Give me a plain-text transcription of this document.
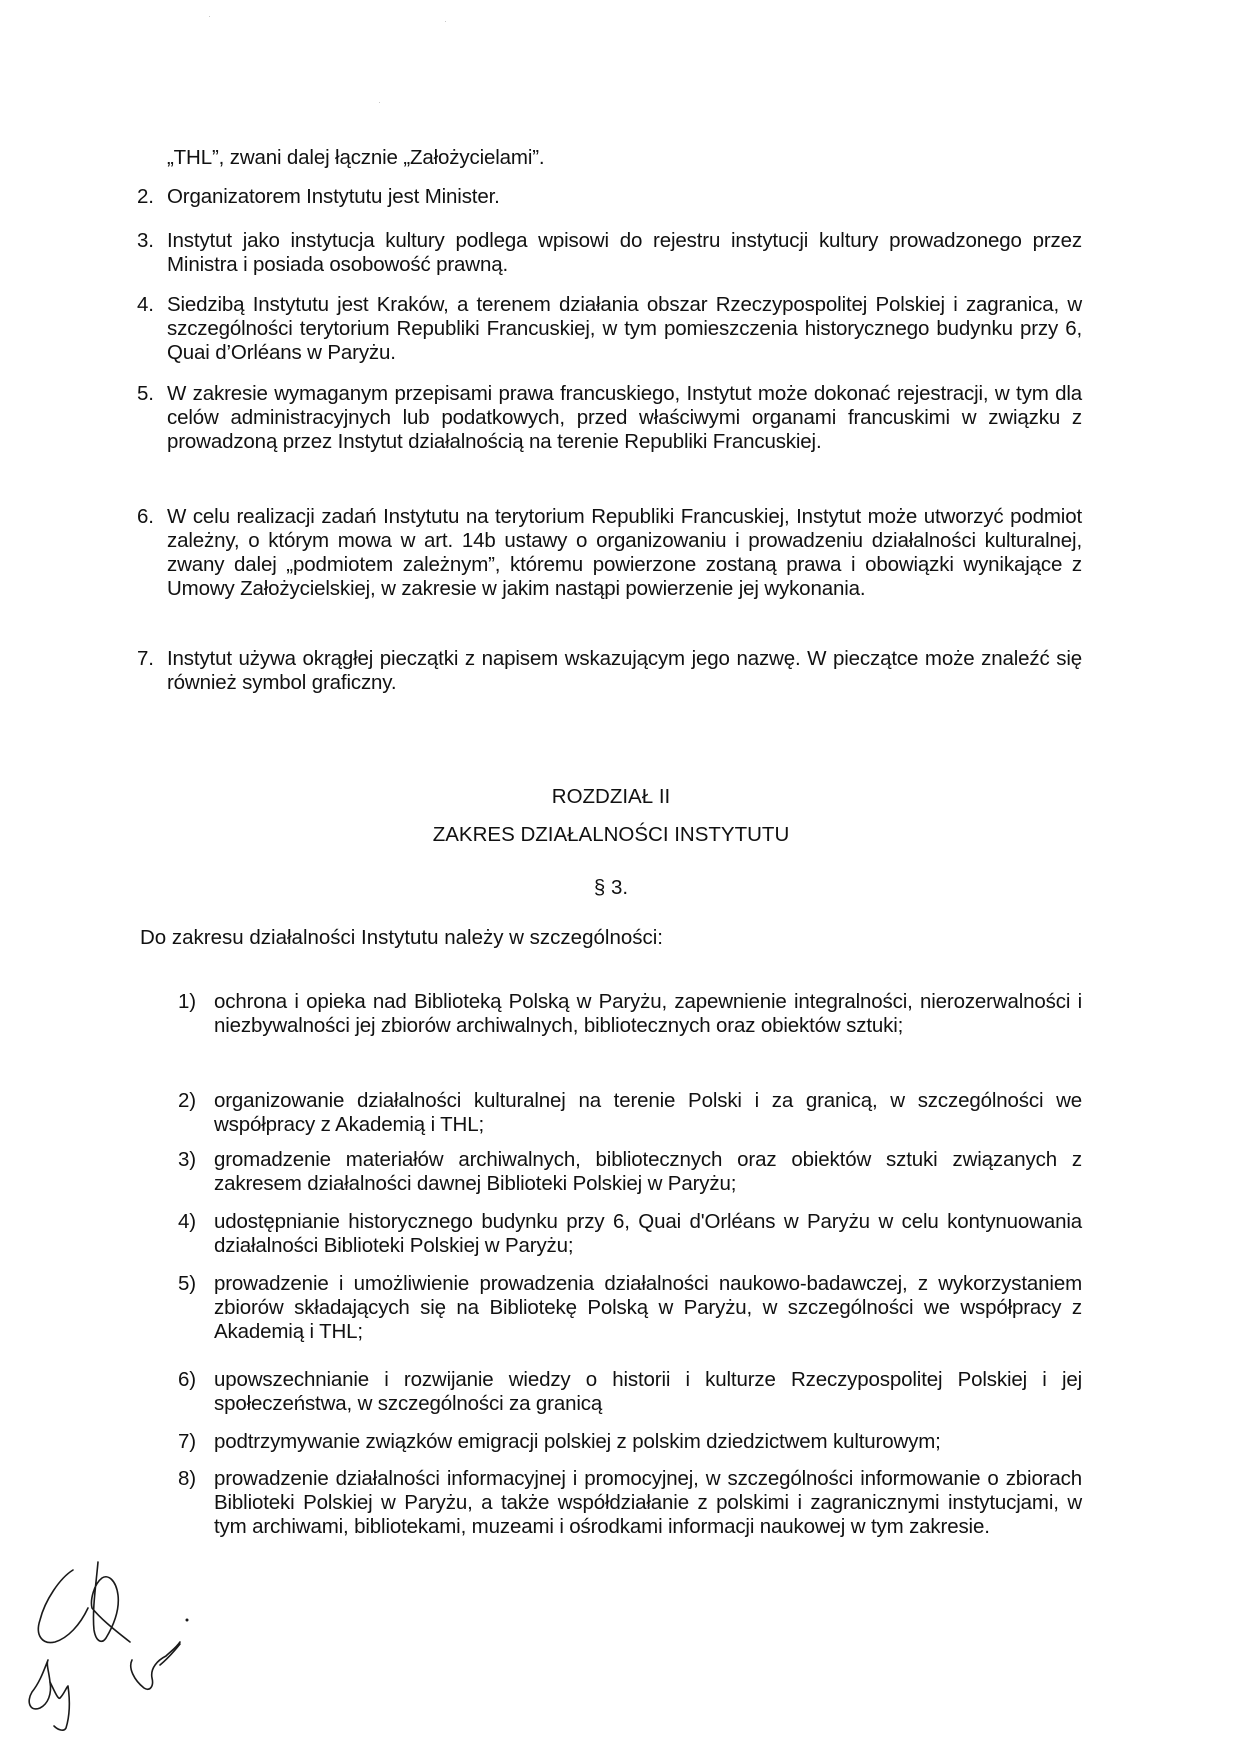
„THL”, zwani dalej łącznie „Założycielami”.
2. Organizatorem Instytutu jest Minister.
3. Instytut jako instytucja kultury podlega wpisowi do rejestru instytucji kultury prowadzonego przez Ministra i posiada osobowość prawną.
4. Siedzibą Instytutu jest Kraków, a terenem działania obszar Rzeczypospolitej Polskiej i zagranica, w szczególności terytorium Republiki Francuskiej, w tym pomieszczenia historycznego budynku przy 6, Quai d’Orléans w Paryżu.
5. W zakresie wymaganym przepisami prawa francuskiego, Instytut może dokonać rejestracji, w tym dla celów administracyjnych lub podatkowych, przed właściwymi organami francuskimi w związku z prowadzoną przez Instytut działalnością na terenie Republiki Francuskiej.
6. W celu realizacji zadań Instytutu na terytorium Republiki Francuskiej, Instytut może utworzyć podmiot zależny, o którym mowa w art. 14b ustawy o organizowaniu i prowadzeniu działalności kulturalnej, zwany dalej „podmiotem zależnym”, któremu powierzone zostaną prawa i obowiązki wynikające z Umowy Założycielskiej, w zakresie w jakim nastąpi powierzenie jej wykonania.
7. Instytut używa okrągłej pieczątki z napisem wskazującym jego nazwę. W pieczątce może znaleźć się również symbol graficzny.
ROZDZIAŁ II
ZAKRES DZIAŁALNOŚCI INSTYTUTU
§ 3.
Do zakresu działalności Instytutu należy w szczególności:
1) ochrona i opieka nad Biblioteką Polską w Paryżu, zapewnienie integralności, nierozerwalności i niezbywalności jej zbiorów archiwalnych, bibliotecznych oraz obiektów sztuki;
2) organizowanie działalności kulturalnej na terenie Polski i za granicą, w szczególności we współpracy z Akademią i THL;
3) gromadzenie materiałów archiwalnych, bibliotecznych oraz obiektów sztuki związanych z zakresem działalności dawnej Biblioteki Polskiej w Paryżu;
4) udostępnianie historycznego budynku przy 6, Quai d'Orléans w Paryżu w celu kontynuowania działalności Biblioteki Polskiej w Paryżu;
5) prowadzenie i umożliwienie prowadzenia działalności naukowo-badawczej, z wykorzystaniem zbiorów składających się na Bibliotekę Polską w Paryżu, w szczególności we współpracy z Akademią i THL;
6) upowszechnianie i rozwijanie wiedzy o historii i kulturze Rzeczypospolitej Polskiej i jej społeczeństwa, w szczególności za granicą
7) podtrzymywanie związków emigracji polskiej z polskim dziedzictwem kulturowym;
8) prowadzenie działalności informacyjnej i promocyjnej, w szczególności informowanie o zbiorach Biblioteki Polskiej w Paryżu, a także współdziałanie z polskimi i zagranicznymi instytucjami, w tym archiwami, bibliotekami, muzeami i ośrodkami informacji naukowej w tym zakresie.
